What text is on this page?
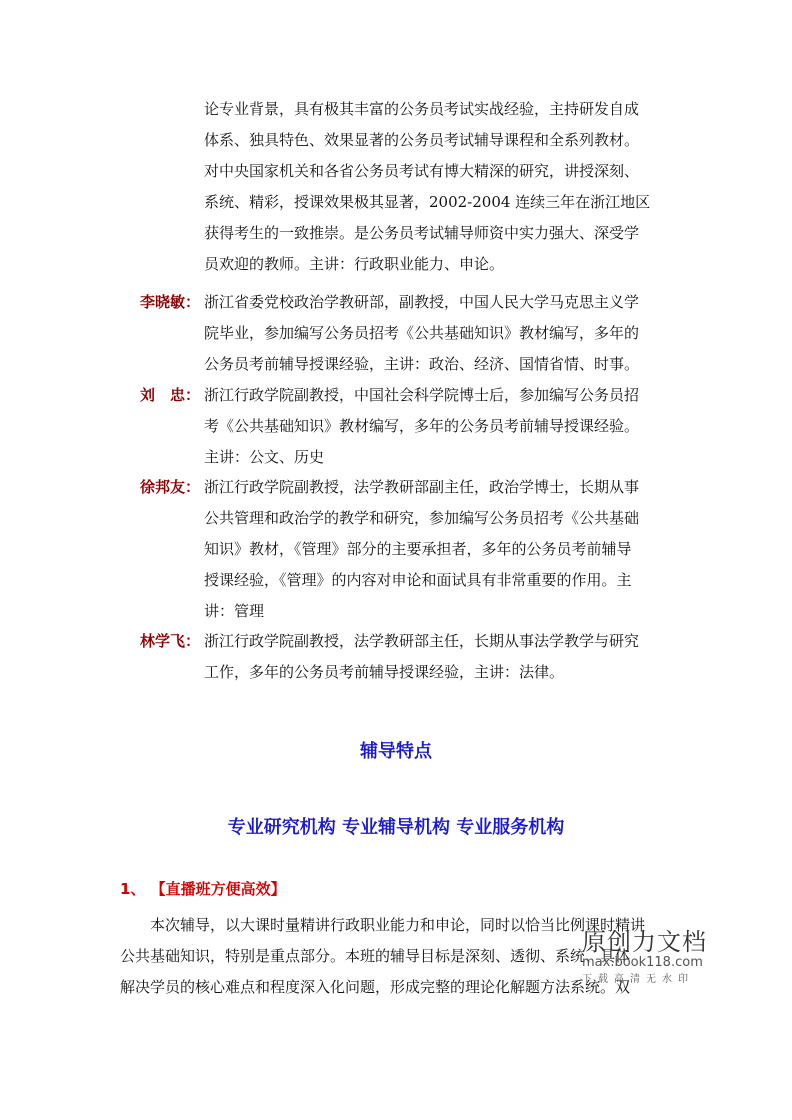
论专业背景，具有极其丰富的公务员考试实战经验，主持研发自成
体系、独具特色、效果显著的公务员考试辅导课程和全系列教材。
对中央国家机关和各省公务员考试有博大精深的研究，讲授深刻、
系统、精彩，授课效果极其显著，2002-2004 连续三年在浙江地区
获得考生的一致推崇。是公务员考试辅导师资中实力强大、深受学
员欢迎的教师。主讲：行政职业能力、申论。
李晓敏： 浙江省委党校政治学教研部，副教授，中国人民大学马克思主义学
院毕业，参加编写公务员招考《公共基础知识》教材编写，多年的
公务员考前辅导授课经验，主讲：政治、经济、国情省情、时事。
刘　忠： 浙江行政学院副教授，中国社会科学院博士后，参加编写公务员招
考《公共基础知识》教材编写，多年的公务员考前辅导授课经验。
主讲：公文、历史
徐邦友： 浙江行政学院副教授，法学教研部副主任，政治学博士，长期从事
公共管理和政治学的教学和研究，参加编写公务员招考《公共基础
知识》教材，《管理》部分的主要承担者，多年的公务员考前辅导
授课经验，《管理》的内容对申论和面试具有非常重要的作用。主
讲：管理
林学飞： 浙江行政学院副教授，法学教研部主任，长期从事法学教学与研究
工作，多年的公务员考前辅导授课经验，主讲：法律。
辅导特点
专业研究机构 专业辅导机构 专业服务机构
1、 【直播班方便高效】
本次辅导，以大课时量精讲行政职业能力和申论，同时以恰当比例课时精讲
公共基础知识，特别是重点部分。本班的辅导目标是深刻、透彻、系统、具体
解决学员的核心难点和程度深入化问题，形成完整的理论化解题方法系统。双
原创力文档
max.book118.com
下载高清无水印
